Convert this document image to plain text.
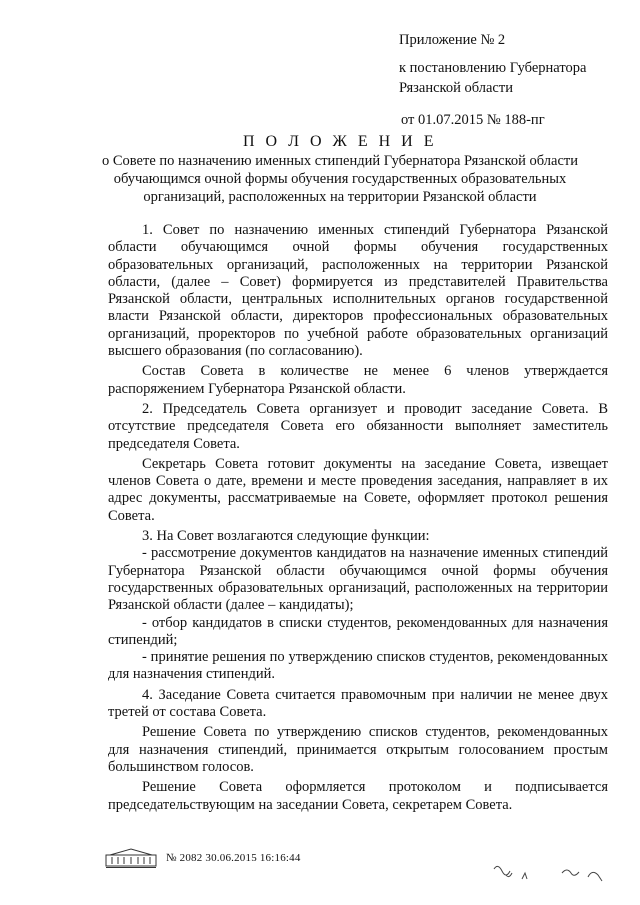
Приложение № 2
к постановлению Губернатора
Рязанской области
от 01.07.2015 № 188-пг
П О Л О Ж Е Н И Е
о Совете по назначению именных стипендий Губернатора Рязанской области
обучающимся очной формы обучения государственных образовательных
организаций, расположенных на территории Рязанской области

1. Совет по назначению именных стипендий Губернатора Рязанской области обучающимся очной формы обучения государственных образовательных организаций, расположенных на территории Рязанской области, (далее – Совет) формируется из представителей Правительства Рязанской области, центральных исполнительных органов государственной власти Рязанской области, директоров профессиональных образовательных организаций, проректоров по учебной работе образовательных организаций высшего образования (по согласованию).

Состав Совета в количестве не менее 6 членов утверждается распоряжением Губернатора Рязанской области.

2. Председатель Совета организует и проводит заседание Совета. В отсутствие председателя Совета его обязанности выполняет заместитель председателя Совета.

Секретарь Совета готовит документы на заседание Совета, извещает членов Совета о дате, времени и месте проведения заседания, направляет в их адрес документы, рассматриваемые на Совете, оформляет протокол решения Совета.

3. На Совет возлагаются следующие функции:

- рассмотрение документов кандидатов на назначение именных стипендий Губернатора Рязанской области обучающимся очной формы обучения государственных образовательных организаций, расположенных на территории Рязанской области (далее – кандидаты);

- отбор кандидатов в списки студентов, рекомендованных для назначения стипендий;

- принятие решения по утверждению списков студентов, рекомендованных для назначения стипендий.

4. Заседание Совета считается правомочным при наличии не менее двух третей от состава Совета.

Решение Совета по утверждению списков студентов, рекомендованных для назначения стипендий, принимается открытым голосованием простым большинством голосов.

Решение Совета оформляется протоколом и подписывается председательствующим на заседании Совета, секретарем Совета.

№ 2082 30.06.2015 16:16:44
